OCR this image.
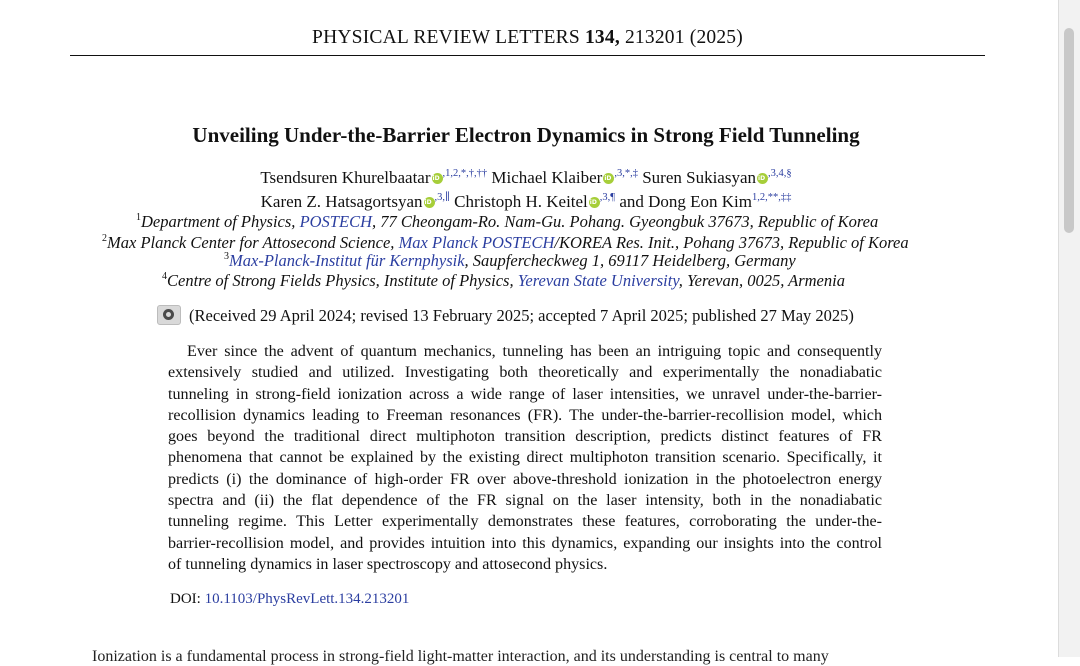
PHYSICAL REVIEW LETTERS 134, 213201 (2025)
Unveiling Under-the-Barrier Electron Dynamics in Strong Field Tunneling
Tsendsuren Khurelbaatar iD $^{,1,2,*,\dagger,\dagger\dagger}$ Michael Klaiber iD $^{,3,*,\ddagger}$ Suren Sukiasyan iD $^{,3,4,\S}$
Karen Z. Hatsagortsyan iD $^{,3,\parallel}$ Christoph H. Keitel iD $^{,3,\P}$ and Dong Eon Kim$^{1,2,**,\ddagger\ddagger}$
$^1$Department of Physics, POSTECH, 77 Cheongam-Ro. Nam-Gu. Pohang. Gyeongbuk 37673, Republic of Korea
$^2$Max Planck Center for Attosecond Science, Max Planck POSTECH/KOREA Res. Init., Pohang 37673, Republic of Korea
$^3$Max-Planck-Institut für Kernphysik, Saupfercheckweg 1, 69117 Heidelberg, Germany
$^4$Centre of Strong Fields Physics, Institute of Physics, Yerevan State University, Yerevan, 0025, Armenia
(Received 29 April 2024; revised 13 February 2025; accepted 7 April 2025; published 27 May 2025)
Ever since the advent of quantum mechanics, tunneling has been an intriguing topic and consequently
extensively studied and utilized. Investigating both theoretically and experimentally the nonadiabatic
tunneling in strong-field ionization across a wide range of laser intensities, we unravel under-the-barrier-
recollision dynamics leading to Freeman resonances (FR). The under-the-barrier-recollision model, which
goes beyond the traditional direct multiphoton transition description, predicts distinct features of FR
phenomena that cannot be explained by the existing direct multiphoton transition scenario. Specifically, it
predicts (i) the dominance of high-order FR over above-threshold ionization in the photoelectron energy
spectra and (ii) the flat dependence of the FR signal on the laser intensity, both in the nonadiabatic
tunneling regime. This Letter experimentally demonstrates these features, corroborating the under-the-
barrier-recollision model, and provides intuition into this dynamics, expanding our insights into the control
of tunneling dynamics in laser spectroscopy and attosecond physics.
DOI: 10.1103/PhysRevLett.134.213201
Ionization is a fundamental process in strong-field light-matter interaction, and its understanding is central to many
